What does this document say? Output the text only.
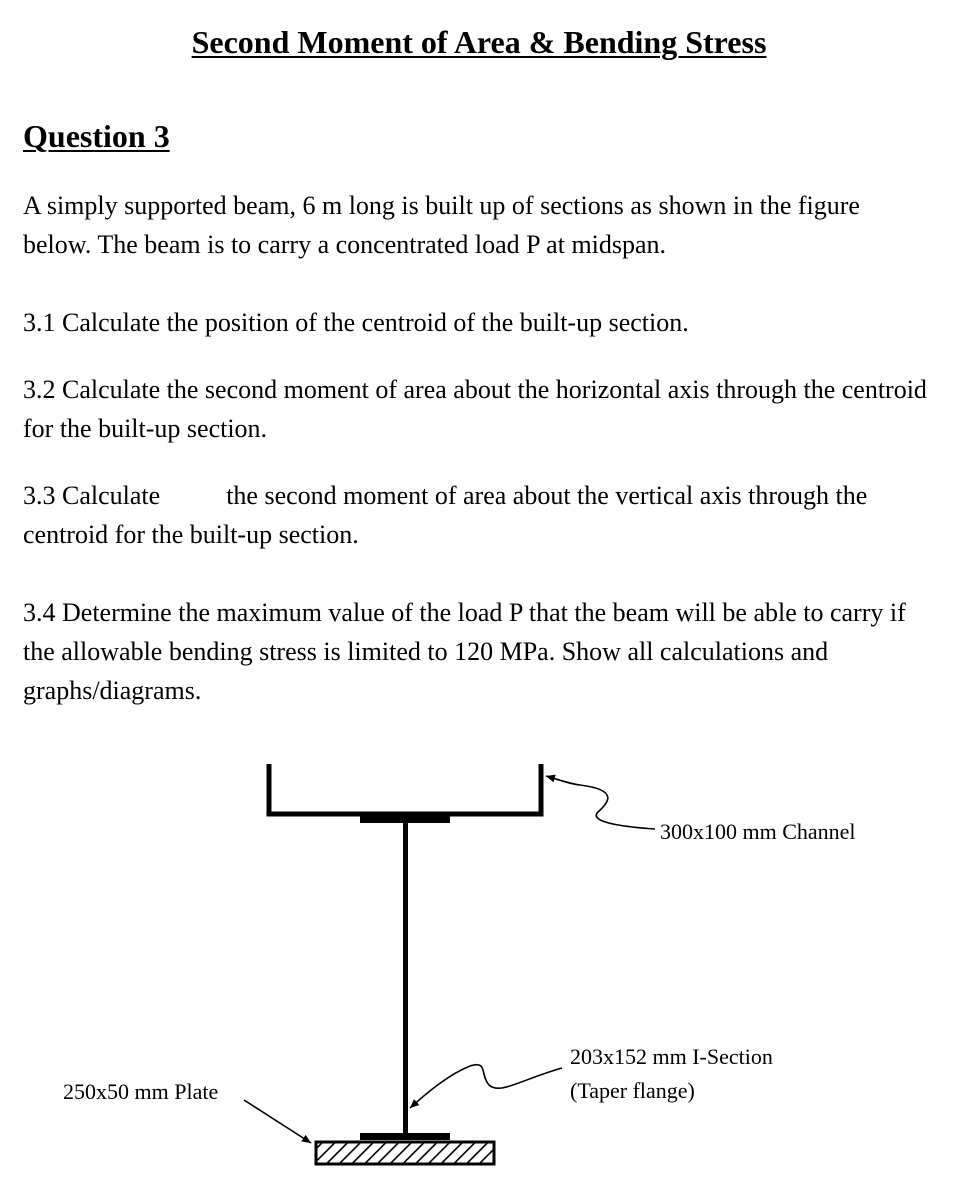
Second Moment of Area & Bending Stress
Question 3

A simply supported beam, 6 m long is built up of sections as shown in the figure below. The beam is to carry a concentrated load P at midspan.

3.1 Calculate the position of the centroid of the built-up section.

3.2 Calculate the second moment of area about the horizontal axis through the centroid for the built-up section.

3.3 Calculate	the second moment of area about the vertical axis through the centroid for the built-up section.

3.4 Determine the maximum value of the load P that the beam will be able to carry if the allowable bending stress is limited to 120 MPa. Show all calculations and graphs/diagrams.

300x100 mm Channel
203x152 mm I-Section
(Taper flange)
250x50 mm Plate
